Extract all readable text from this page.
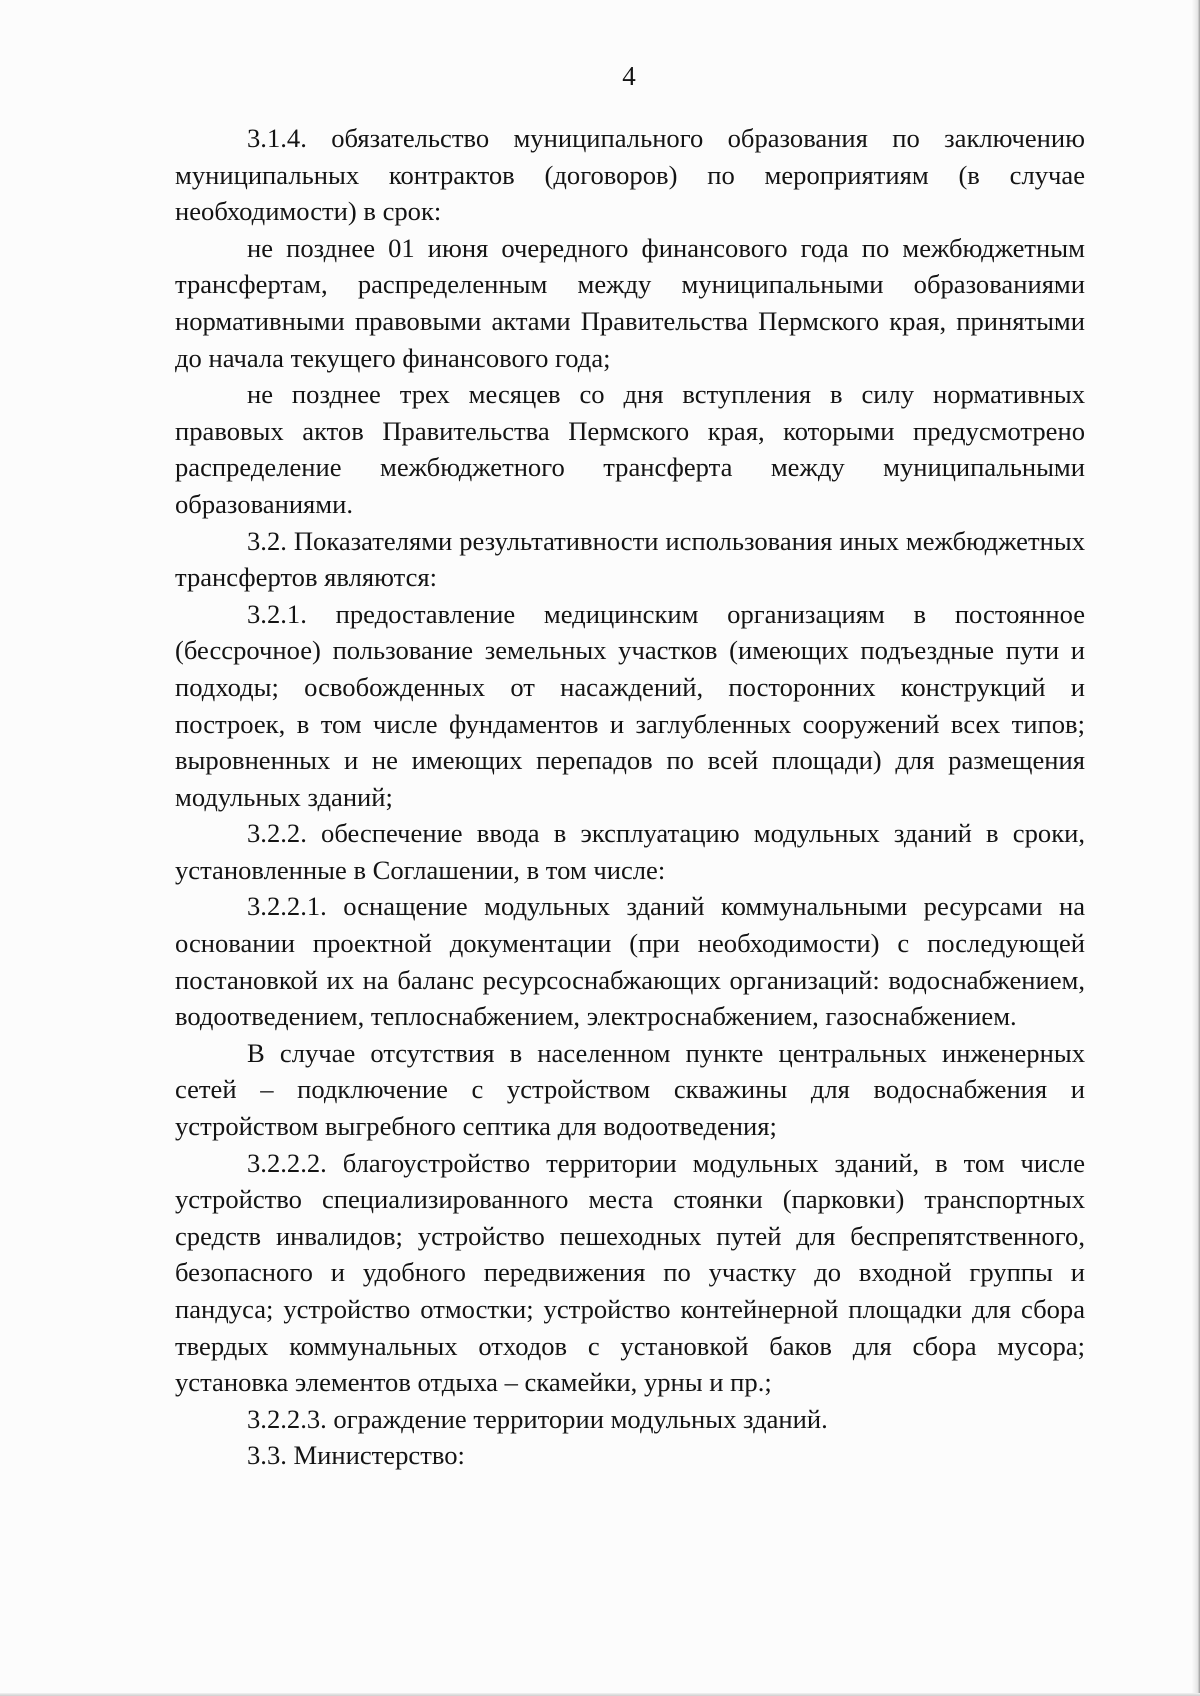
4

3.1.4. обязательство муниципального образования по заключению муниципальных контрактов (договоров) по мероприятиям (в случае необходимости) в срок:

не позднее 01 июня очередного финансового года по межбюджетным трансфертам, распределенным между муниципальными образованиями нормативными правовыми актами Правительства Пермского края, принятыми до начала текущего финансового года;

не позднее трех месяцев со дня вступления в силу нормативных правовых актов Правительства Пермского края, которыми предусмотрено распределение межбюджетного трансферта между муниципальными образованиями.

3.2. Показателями результативности использования иных межбюджетных трансфертов являются:

3.2.1. предоставление медицинским организациям в постоянное (бессрочное) пользование земельных участков (имеющих подъездные пути и подходы; освобожденных от насаждений, посторонних конструкций и построек, в том числе фундаментов и заглубленных сооружений всех типов; выровненных и не имеющих перепадов по всей площади) для размещения модульных зданий;

3.2.2. обеспечение ввода в эксплуатацию модульных зданий в сроки, установленные в Соглашении, в том числе:

3.2.2.1. оснащение модульных зданий коммунальными ресурсами на основании проектной документации (при необходимости) с последующей постановкой их на баланс ресурсоснабжающих организаций: водоснабжением, водоотведением, теплоснабжением, электроснабжением, газоснабжением.

В случае отсутствия в населенном пункте центральных инженерных сетей – подключение с устройством скважины для водоснабжения и устройством выгребного септика для водоотведения;

3.2.2.2. благоустройство территории модульных зданий, в том числе устройство специализированного места стоянки (парковки) транспортных средств инвалидов; устройство пешеходных путей для беспрепятственного, безопасного и удобного передвижения по участку до входной группы и пандуса; устройство отмостки; устройство контейнерной площадки для сбора твердых коммунальных отходов с установкой баков для сбора мусора; установка элементов отдыха – скамейки, урны и пр.;

3.2.2.3. ограждение территории модульных зданий.

3.3. Министерство:
